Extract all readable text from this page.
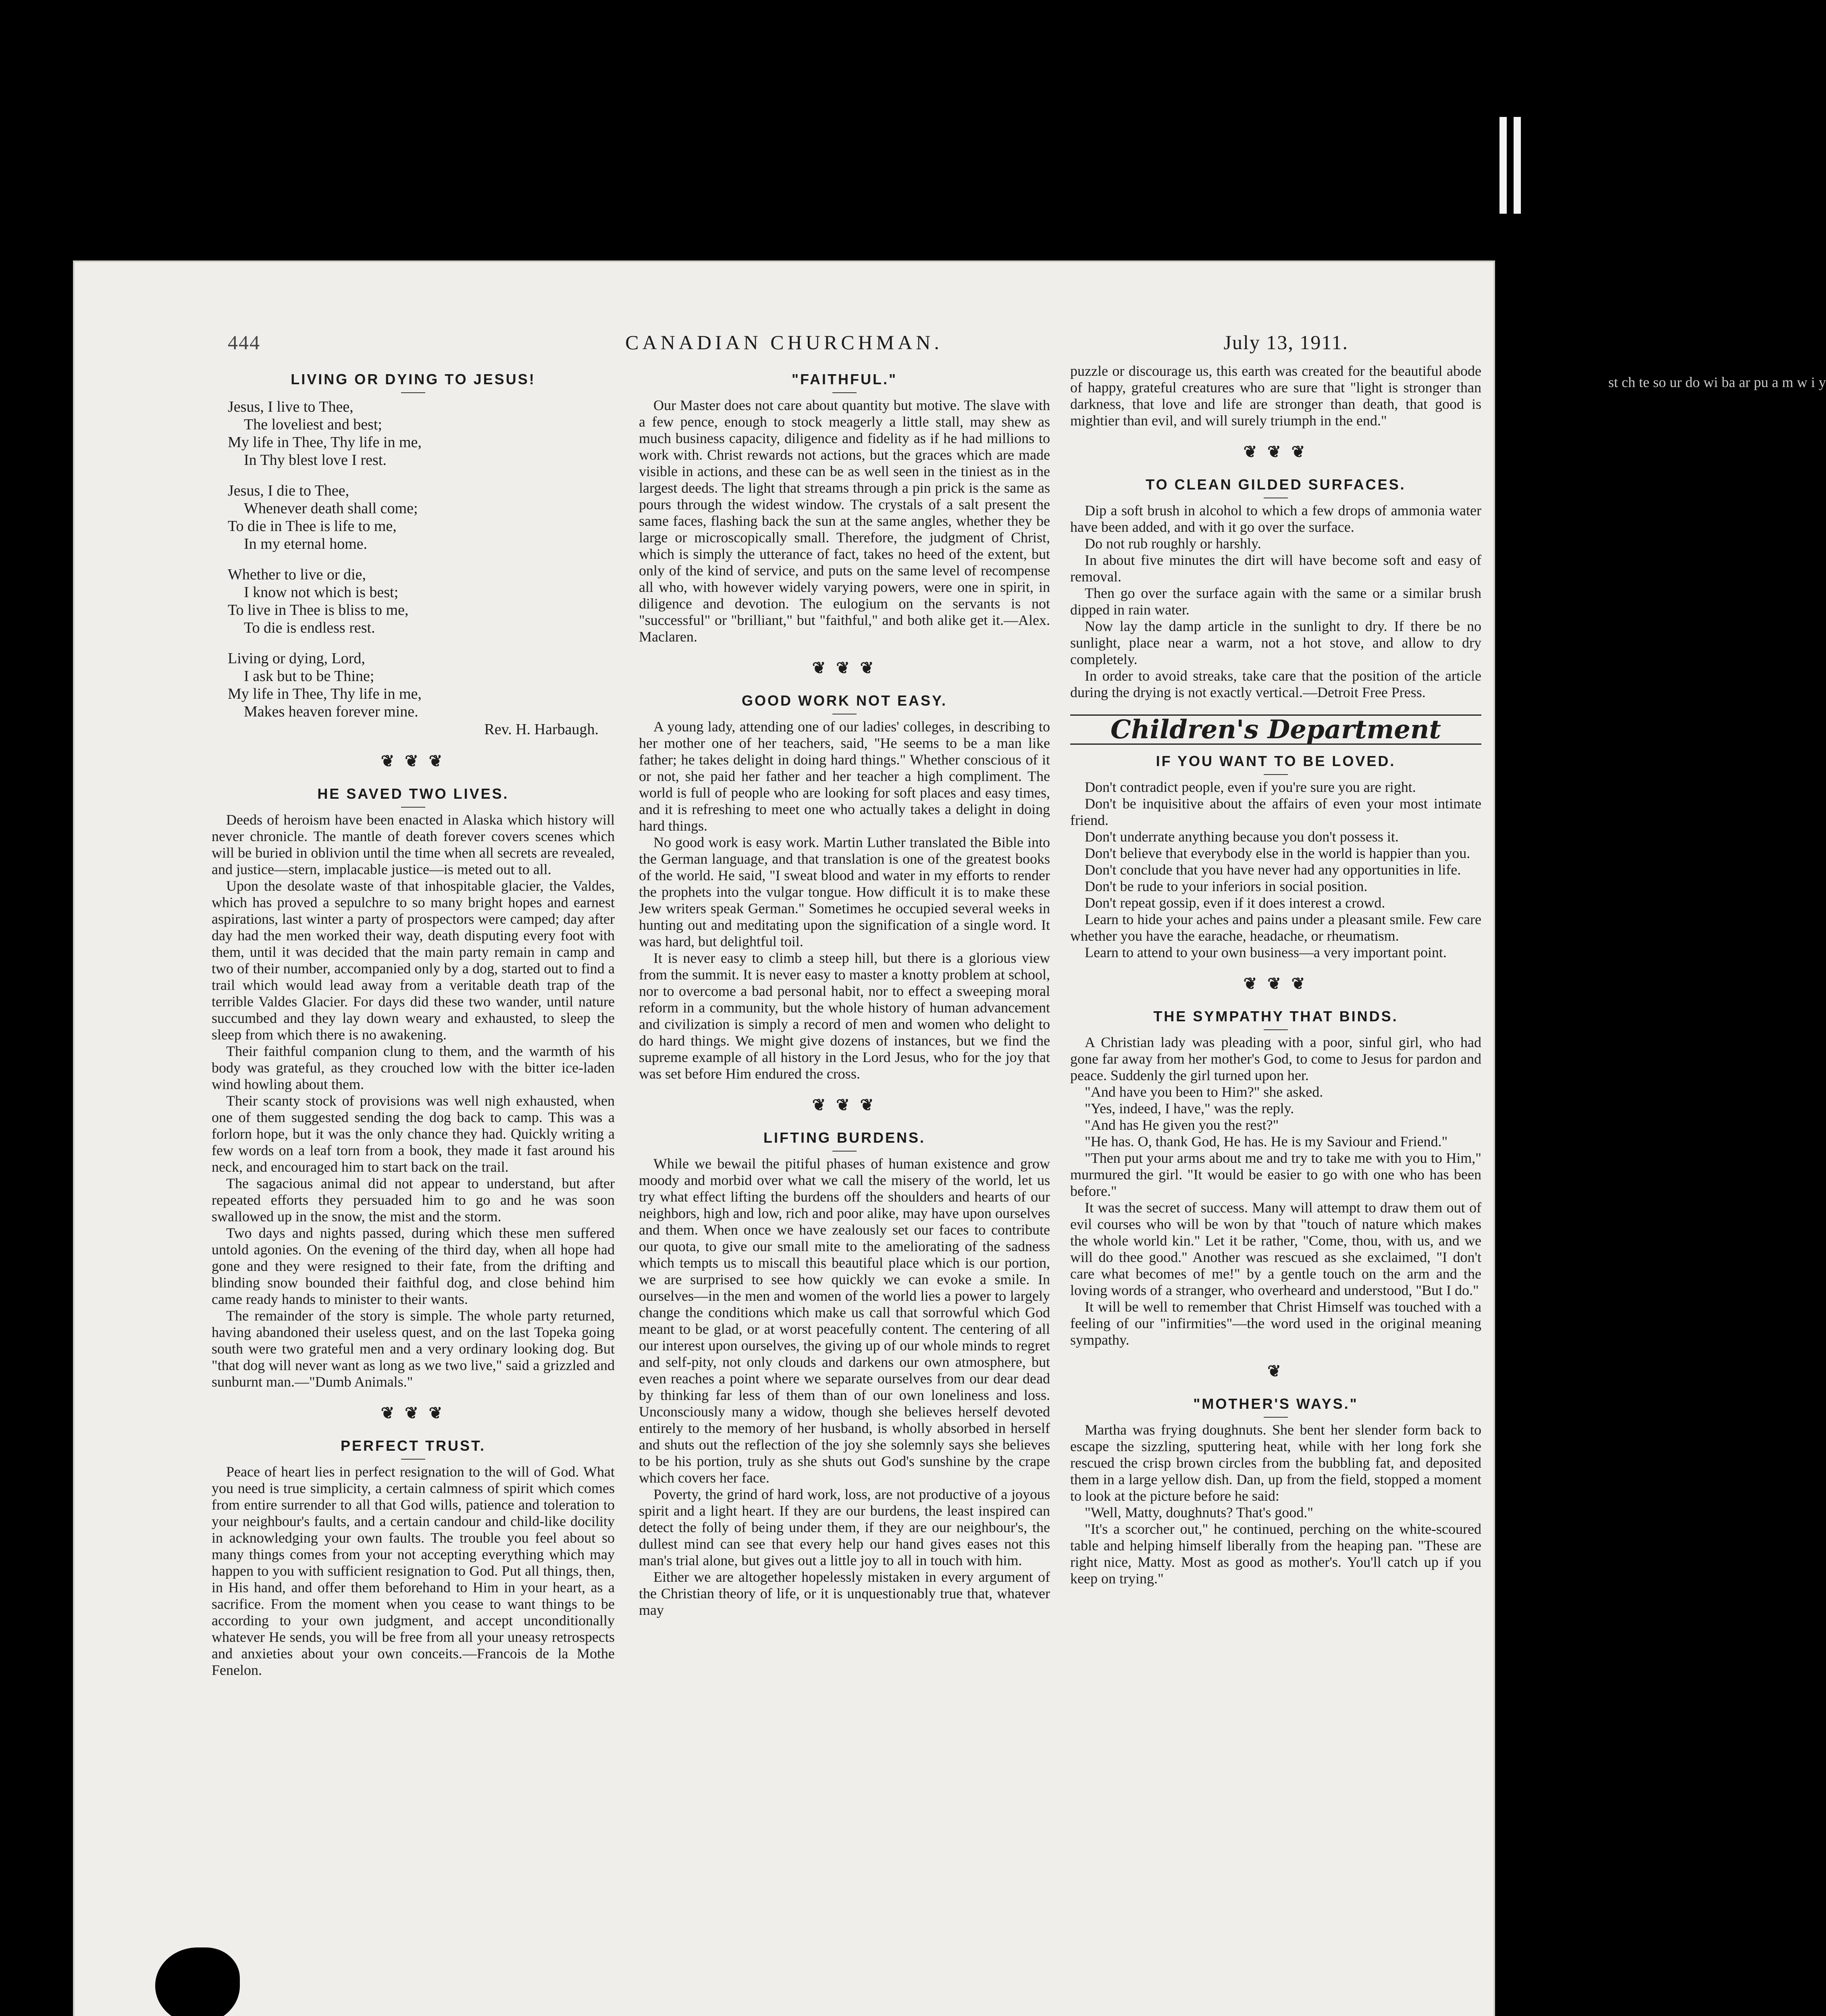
444	CANADIAN CHURCHMAN.	July 13, 1911.
LIVING OR DYING TO JESUS!
Jesus, I live to Thee,

The loveliest and best;
My life in Thee, Thy life in me,

In Thy blest love I rest.
Jesus, I die to Thee,

Whenever death shall come;
To die in Thee is life to me,

In my eternal home.
Whether to live or die,

I know not which is best;
To live in Thee is bliss to me,

To die is endless rest.
Living or dying, Lord,

I ask but to be Thine;
My life in Thee, Thy life in me,

Makes heaven forever mine.
Rev. H. Harbaugh.
❦ ❦ ❦
HE SAVED TWO LIVES.

Deeds of heroism have been enacted in Alaska which history will never chronicle. The mantle of death forever covers scenes which will be buried in oblivion until the time when all secrets are revealed, and justice—stern, implacable justice—is meted out to all.

Upon the desolate waste of that inhospitable glacier, the Valdes, which has proved a sepulchre to so many bright hopes and earnest aspirations, last winter a party of prospectors were camped; day after day had the men worked their way, death disputing every foot with them, until it was decided that the main party remain in camp and two of their number, accompanied only by a dog, started out to find a trail which would lead away from a veritable death trap of the terrible Valdes Glacier. For days did these two wander, until nature succumbed and they lay down weary and exhausted, to sleep the sleep from which there is no awakening.

Their faithful companion clung to them, and the warmth of his body was grateful, as they crouched low with the bitter ice-laden wind howling about them.

Their scanty stock of provisions was well nigh exhausted, when one of them suggested sending the dog back to camp. This was a forlorn hope, but it was the only chance they had. Quickly writing a few words on a leaf torn from a book, they made it fast around his neck, and encouraged him to start back on the trail.

The sagacious animal did not appear to understand, but after repeated efforts they persuaded him to go and he was soon swallowed up in the snow, the mist and the storm.

Two days and nights passed, during which these men suffered untold agonies. On the evening of the third day, when all hope had gone and they were resigned to their fate, from the drifting and blinding snow bounded their faithful dog, and close behind him came ready hands to minister to their wants.

The remainder of the story is simple. The whole party returned, having abandoned their useless quest, and on the last Topeka going south were two grateful men and a very ordinary looking dog. But "that dog will never want as long as we two live," said a grizzled and sunburnt man.—"Dumb Animals."

❦ ❦ ❦
PERFECT TRUST.

Peace of heart lies in perfect resignation to the will of God. What you need is true simplicity, a certain calmness of spirit which comes from entire surrender to all that God wills, patience and toleration to your neighbour's faults, and a certain candour and child-like docility in acknowledging your own faults. The trouble you feel about so many things comes from your not accepting everything which may happen to you with sufficient resignation to God. Put all things, then, in His hand, and offer them beforehand to Him in your heart, as a sacrifice. From the moment when you cease to want things to be according to your own judgment, and accept unconditionally whatever He sends, you will be free from all your uneasy retrospects and anxieties about your own conceits.—Francois de la Mothe Fenelon.

"FAITHFUL."

Our Master does not care about quantity but motive. The slave with a few pence, enough to stock meagerly a little stall, may shew as much business capacity, diligence and fidelity as if he had millions to work with. Christ rewards not actions, but the graces which are made visible in actions, and these can be as well seen in the tiniest as in the largest deeds. The light that streams through a pin prick is the same as pours through the widest window. The crystals of a salt present the same faces, flashing back the sun at the same angles, whether they be large or microscopically small. Therefore, the judgment of Christ, which is simply the utterance of fact, takes no heed of the extent, but only of the kind of service, and puts on the same level of recompense all who, with however widely varying powers, were one in spirit, in diligence and devotion. The eulogium on the servants is not "successful" or "brilliant," but "faithful," and both alike get it.—Alex. Maclaren.

❦ ❦ ❦
GOOD WORK NOT EASY.

A young lady, attending one of our ladies' colleges, in describing to her mother one of her teachers, said, "He seems to be a man like father; he takes delight in doing hard things." Whether conscious of it or not, she paid her father and her teacher a high compliment. The world is full of people who are looking for soft places and easy times, and it is refreshing to meet one who actually takes a delight in doing hard things.

No good work is easy work. Martin Luther translated the Bible into the German language, and that translation is one of the greatest books of the world. He said, "I sweat blood and water in my efforts to render the prophets into the vulgar tongue. How difficult it is to make these Jew writers speak German." Sometimes he occupied several weeks in hunting out and meditating upon the signification of a single word. It was hard, but delightful toil.

It is never easy to climb a steep hill, but there is a glorious view from the summit. It is never easy to master a knotty problem at school, nor to overcome a bad personal habit, nor to effect a sweeping moral reform in a community, but the whole history of human advancement and civilization is simply a record of men and women who delight to do hard things. We might give dozens of instances, but we find the supreme example of all history in the Lord Jesus, who for the joy that was set before Him endured the cross.

❦ ❦ ❦
LIFTING BURDENS.

While we bewail the pitiful phases of human existence and grow moody and morbid over what we call the misery of the world, let us try what effect lifting the burdens off the shoulders and hearts of our neighbors, high and low, rich and poor alike, may have upon ourselves and them. When once we have zealously set our faces to contribute our quota, to give our small mite to the ameliorating of the sadness which tempts us to miscall this beautiful place which is our portion, we are surprised to see how quickly we can evoke a smile. In ourselves—in the men and women of the world lies a power to largely change the conditions which make us call that sorrowful which God meant to be glad, or at worst peacefully content. The centering of all our interest upon ourselves, the giving up of our whole minds to regret and self-pity, not only clouds and darkens our own atmosphere, but even reaches a point where we separate ourselves from our dear dead by thinking far less of them than of our own loneliness and loss. Unconsciously many a widow, though she believes herself devoted entirely to the memory of her husband, is wholly absorbed in herself and shuts out the reflection of the joy she solemnly says she believes to be his portion, truly as she shuts out God's sunshine by the crape which covers her face.

Poverty, the grind of hard work, loss, are not productive of a joyous spirit and a light heart. If they are our burdens, the least inspired can detect the folly of being under them, if they are our neighbour's, the dullest mind can see that every help our hand gives eases not this man's trial alone, but gives out a little joy to all in touch with him.

Either we are altogether hopelessly mistaken in every argument of the Christian theory of life, or it is unquestionably true that, whatever may

puzzle or discourage us, this earth was created for the beautiful abode of happy, grateful creatures who are sure that "light is stronger than darkness, that love and life are stronger than death, that good is mightier than evil, and will surely triumph in the end."

❦ ❦ ❦
TO CLEAN GILDED SURFACES.

Dip a soft brush in alcohol to which a few drops of ammonia water have been added, and with it go over the surface.

Do not rub roughly or harshly.

In about five minutes the dirt will have become soft and easy of removal.

Then go over the surface again with the same or a similar brush dipped in rain water.

Now lay the damp article in the sunlight to dry. If there be no sunlight, place near a warm, not a hot stove, and allow to dry completely.

In order to avoid streaks, take care that the position of the article during the drying is not exactly vertical.—Detroit Free Press.

Children's Department
IF YOU WANT TO BE LOVED.

Don't contradict people, even if you're sure you are right.

Don't be inquisitive about the affairs of even your most intimate friend.

Don't underrate anything because you don't possess it.

Don't believe that everybody else in the world is happier than you.

Don't conclude that you have never had any opportunities in life.

Don't be rude to your inferiors in social position.

Don't repeat gossip, even if it does interest a crowd.

Learn to hide your aches and pains under a pleasant smile. Few care whether you have the earache, headache, or rheumatism.

Learn to attend to your own business—a very important point.

❦ ❦ ❦
THE SYMPATHY THAT BINDS.

A Christian lady was pleading with a poor, sinful girl, who had gone far away from her mother's God, to come to Jesus for pardon and peace. Suddenly the girl turned upon her.

"And have you been to Him?" she asked.

"Yes, indeed, I have," was the reply.

"And has He given you the rest?"

"He has. O, thank God, He has. He is my Saviour and Friend."

"Then put your arms about me and try to take me with you to Him," murmured the girl. "It would be easier to go with one who has been before."

It was the secret of success. Many will attempt to draw them out of evil courses who will be won by that "touch of nature which makes the whole world kin." Let it be rather, "Come, thou, with us, and we will do thee good." Another was rescued as she exclaimed, "I don't care what becomes of me!" by a gentle touch on the arm and the loving words of a stranger, who overheard and understood, "But I do."

It will be well to remember that Christ Himself was touched with a feeling of our "infirmities"—the word used in the original meaning sympathy.

❦
"MOTHER'S WAYS."

Martha was frying doughnuts. She bent her slender form back to escape the sizzling, sputtering heat, while with her long fork she rescued the crisp brown circles from the bubbling fat, and deposited them in a large yellow dish. Dan, up from the field, stopped a moment to look at the picture before he said:

"Well, Matty, doughnuts? That's good."

"It's a scorcher out," he continued, perching on the white-scoured table and helping himself liberally from the heaping pan. "These are right nice, Matty. Most as good as mother's. You'll catch up if you keep on trying."

st ch te so ur do wi ba ar pu a m w i y
